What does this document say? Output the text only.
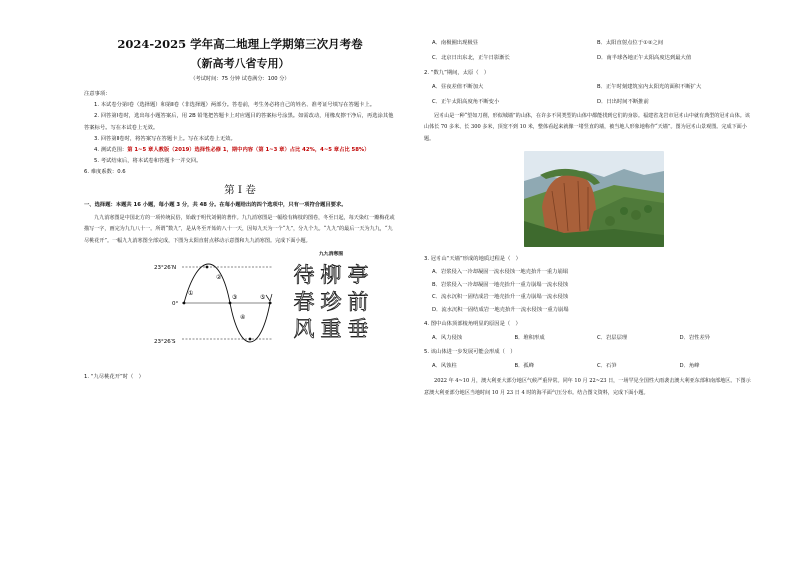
2024-2025 学年高二地理上学期第三次月考卷
（新高考八省专用）
（考试时间：75 分钟 试卷满分：100 分）
注意事项：
1. 本试卷分第Ⅰ卷（选择题）和第Ⅱ卷（非选择题）两部分。答卷前，考生务必将自己的姓名、准考证号填写在答题卡上。
2. 回答第Ⅰ卷时，选出每小题答案后，用 2B 铅笔把答题卡上对应题目的答案标号涂黑。如需改动，用橡皮擦干净后，再选涂其他答案标号。写在本试卷上无效。
3. 回答第Ⅱ卷时，将答案写在答题卡上。写在本试卷上无效。
4. 测试范围：第 1~5 章人教版（2019）选择性必修 1，期中内容（第 1~3 章）占比 42%，4~5 章占比 58%）
5. 考试结束后，将本试卷和答题卡一并交回。
6. 难度系数：0.6
第 Ⅰ 卷
一、选择题：本题共 16 小题，每小题 3 分，共 48 分。在每小题给出的四个选项中，只有一项符合题目要求。
九九消寒图是中国北方的一项传统民俗，始载于明代刘侗的著作。九九消寒图是一幅绘有梅枝的图卷，冬至日起，每天染红一瓣梅花或描写一字，画完为九九八十一。所谓“数九”，是从冬至开始的八十一天，因每九天为一个“九”，分九个九。“九九”的最后一天为九九，“九尽桃花开”。一幅九九消寒图全部完成，下图为太阳直射点移动示意图和九九消寒图。完成下面小题。
23°26′N
0°
23°26′S
①
②
③
④
⑤
九九消寒图
待 柳 亭
春 珍 前
风 重 垂
1. “九尽桃花开”时（　）
A．南极圈出现极昼	B．太阳直射点位于①②之间
C．北京日出东北，正午日影渐长	D．南半球各地正午太阳高度达到最大值
2. “数九”期间，太原（　）
A．昼夜差值不断加大	B．正午时刻建筑室内太阳光的面积不断扩大
C．正午太阳高度角不断变小	D．日出时间不断推前
冠豸山是一种“望如刀削，形似城墙”的山体，在许多不同类型的山体中都能找到它们的身影。福建省龙岩市冠豸山中就有典型的冠豸山体。该山体长 70 多米、长 300 多米，顶宽不到 10 米，整体看起来就像一堵竖直的墙，被当地人形象地称作“天墙”。图为冠豸山景观图。完成下面小题。
3. 冠豸山“天墙”形成的地质过程是（　）
A．岩浆侵入一冷却凝固一流水侵蚀一地壳抬升一重力崩塌
B．岩浆侵入一冷却凝固一地壳抬升一重力崩塌一流水侵蚀
C．流水沉积一固结成岩一地壳抬升一重力崩塌一流水侵蚀
D．流水沉积一固结成岩一地壳抬升一流水侵蚀一重力崩塌
4. 图中山体顶部棱角明显的原因是（　）
A．风力侵蚀	B．堆积形成	C．岩层层理	D．岩性差异
5. 该山体进一步发展可能会形成（　）
A．风蚀柱	B．孤峰	C．石笋	D．角峰
2022 年 4~10 月，澳大利亚大部分地区气候严重异常。同年 10 月 22~23 日，一场罕见全国性大雨袭击澳大利亚东部和南部地区。下图示意澳大利亚部分地区当地时间 10 月 23 日 4 时的海平面气压分布。结合图文资料，完成下面小题。
